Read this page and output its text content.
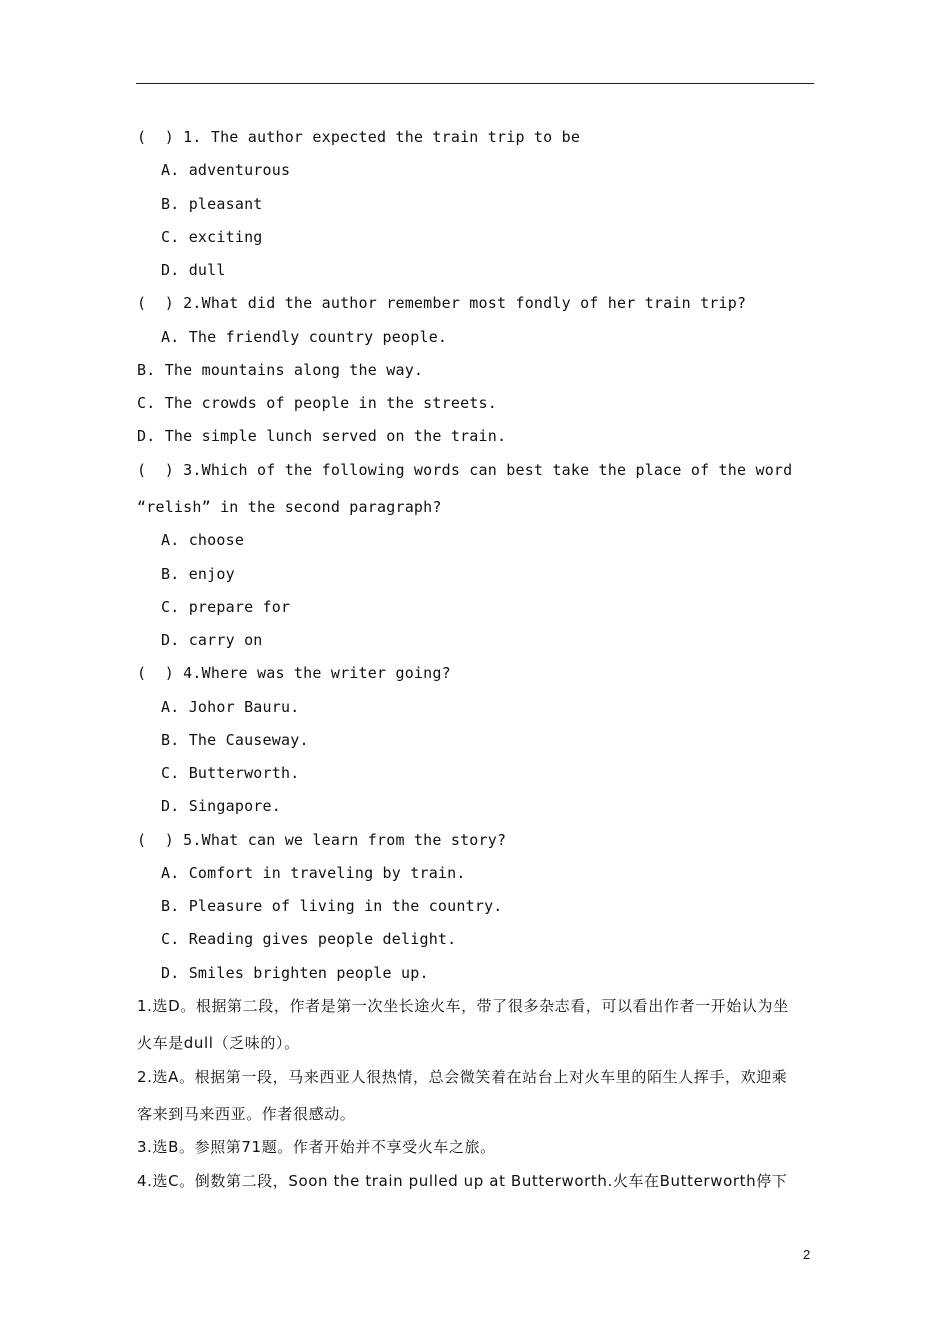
(  ) 1. The author expected the train trip to be
A. adventurous
B. pleasant
C. exciting
D. dull
(  ) 2.What did the author remember most fondly of her train trip?
A. The friendly country people.
B. The mountains along the way.
C. The crowds of people in the streets.
D. The simple lunch served on the train.
(  ) 3.Which of the following words can best take the place of the word
“relish” in the second paragraph?
A. choose
B. enjoy
C. prepare for
D. carry on
(  ) 4.Where was the writer going?
A. Johor Bauru.
B. The Causeway.
C. Butterworth.
D. Singapore.
(  ) 5.What can we learn from the story?
A. Comfort in traveling by train.
B. Pleasure of living in the country.
C. Reading gives people delight.
D. Smiles brighten people up.
1.选D。根据第二段，作者是第一次坐长途火车，带了很多杂志看，可以看出作者一开始认为坐
火车是dull（乏味的）。
2.选A。根据第一段，马来西亚人很热情，总会微笑着在站台上对火车里的陌生人挥手，欢迎乘
客来到马来西亚。作者很感动。
3.选B。参照第71题。作者开始并不享受火车之旅。
4.选C。倒数第二段，Soon the train pulled up at Butterworth.火车在Butterworth停下
2
